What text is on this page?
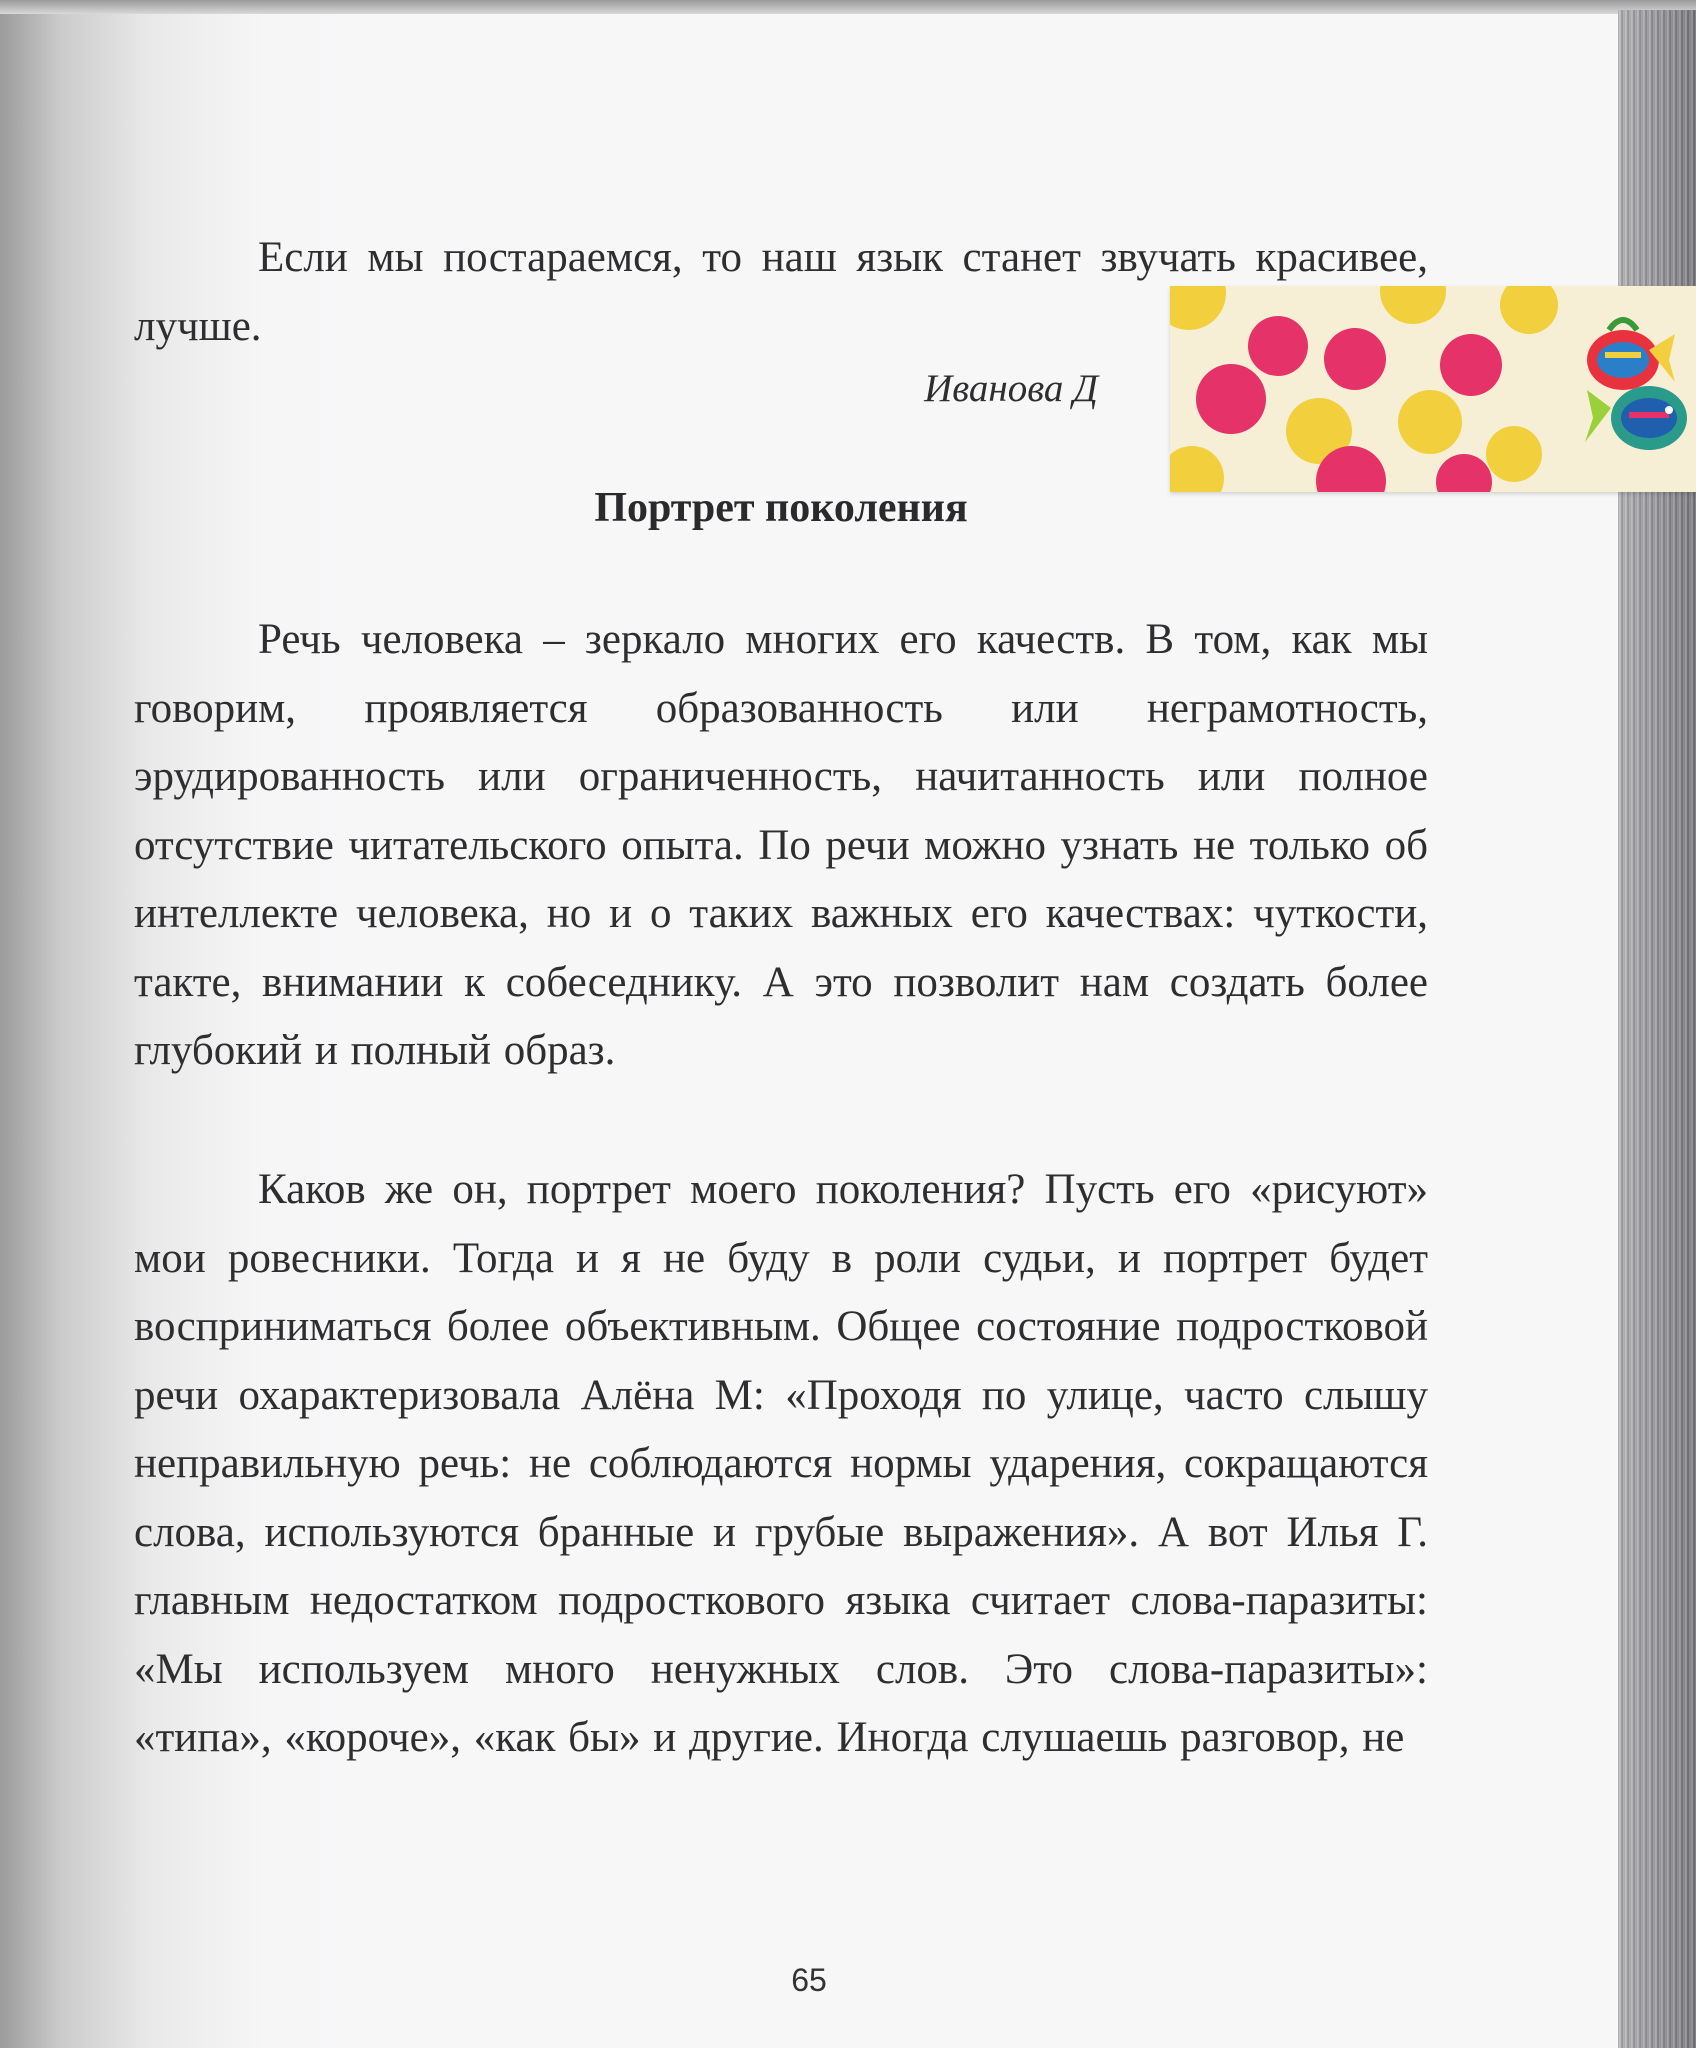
Если мы постараемся, то наш язык станет звучать красивее, лучше.

Иванова Д
Портрет поколения

Речь человека – зеркало многих его качеств. В том, как мы говорим, проявляется образованность или неграмотность, эрудированность или ограниченность, начитанность или полное отсутствие читательского опыта. По речи можно узнать не только об интеллекте человека, но и о таких важных его качествах: чуткости, такте, внимании к собеседнику. А это позволит нам создать более глубокий и полный образ.

Каков же он, портрет моего поколения? Пусть его «рисуют» мои ровесники. Тогда и я не буду в роли судьи, и портрет будет восприниматься более объективным. Общее состояние подростковой речи охарактеризовала Алёна М: «Проходя по улице, часто слышу неправильную речь: не соблюдаются нормы ударения, сокращаются слова, используются бранные и грубые выражения». А вот Илья Г. главным недостатком подросткового языка считает слова-паразиты: «Мы используем много ненужных слов. Это слова-паразиты»: «типа», «короче», «как бы» и другие. Иногда слушаешь разговор, не

65
